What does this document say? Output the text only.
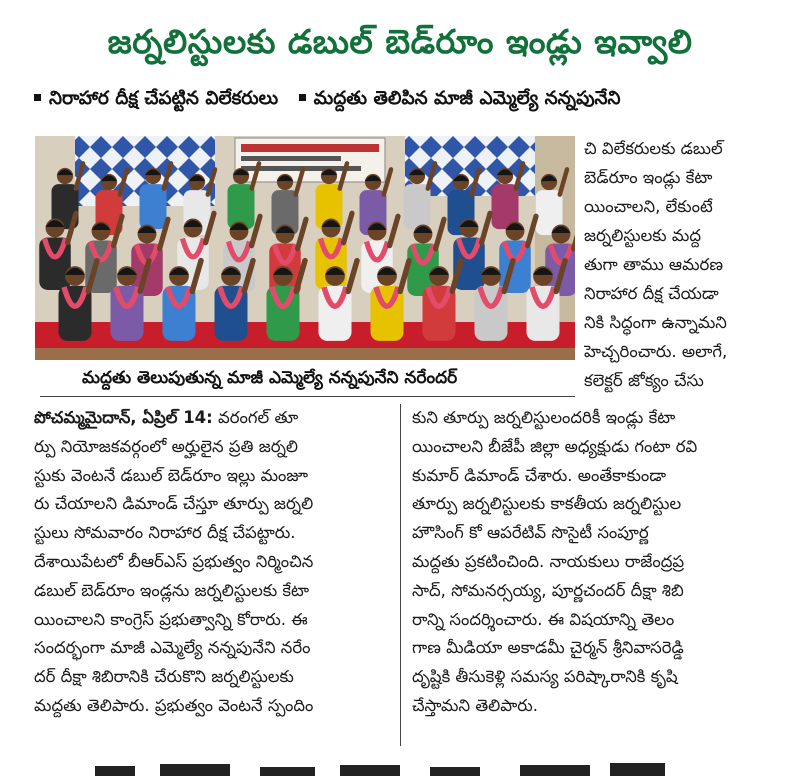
జర్నలిస్టులకు డబుల్ బెడ్‌రూం ఇండ్లు ఇవ్వాలి
నిరాహార దీక్ష చేపట్టిన విలేకరులు మద్దతు తెలిపిన మాజీ ఎమ్మెల్యే నన్నపునేని
మద్దతు తెలుపుతున్న మాజీ ఎమ్మెల్యే నన్నపునేని నరేందర్
చి విలేకరులకు డబుల్
బెడ్‌రూం ఇండ్లు కేటా
యించాలని, లేకుంటే
జర్నలిస్టులకు మద్ద
తుగా తాము ఆమరణ
నిరాహార దీక్ష చేయడా
నికి సిద్ధంగా ఉన్నామని
హెచ్చరించారు. అలాగే,
కలెక్టర్ జోక్యం చేసు
పోచమ్మమైదాన్, ఏప్రిల్ 14: వరంగల్ తూ
ర్పు నియోజకవర్గంలో అర్హులైన ప్రతి జర్నలి
స్టుకు వెంటనే డబుల్ బెడ్‌రూం ఇల్లు మంజూ
రు చేయాలని డిమాండ్ చేస్తూ తూర్పు జర్నలి
స్టులు సోమవారం నిరాహార దీక్ష చేపట్టారు.
దేశాయిపేటలో బీఆర్ఎస్ ప్రభుత్వం నిర్మించిన
డబుల్ బెడ్‌రూం ఇండ్లను జర్నలిస్టులకు కేటా
యించాలని కాంగ్రెస్ ప్రభుత్వాన్ని కోరారు. ఈ
సందర్భంగా మాజీ ఎమ్మెల్యే నన్నపునేని నరేం
దర్ దీక్షా శిబిరానికి చేరుకొని జర్నలిస్టులకు
మద్దతు తెలిపారు. ప్రభుత్వం వెంటనే స్పందిం
కుని తూర్పు జర్నలిస్టులందరికీ ఇండ్లు కేటా
యించాలని బీజేపీ జిల్లా అధ్యక్షుడు గంటా రవి
కుమార్ డిమాండ్ చేశారు. అంతేకాకుండా
తూర్పు జర్నలిస్టులకు కాకతీయ జర్నలిస్టుల
హౌసింగ్ కో ఆపరేటివ్ సొసైటీ సంపూర్ణ
మద్దతు ప్రకటించింది. నాయకులు రాజేంద్రప్ర
సాద్, సోమనర్సయ్య, పూర్ణచందర్ దీక్షా శిబి
రాన్ని సందర్శించారు. ఈ విషయాన్ని తెలం
గాణ మీడియా అకాడమీ చైర్మన్ శ్రీనివాసరెడ్డి
దృష్టికి తీసుకెళ్లి సమస్య పరిష్కారానికి కృషి
చేస్తామని తెలిపారు.
